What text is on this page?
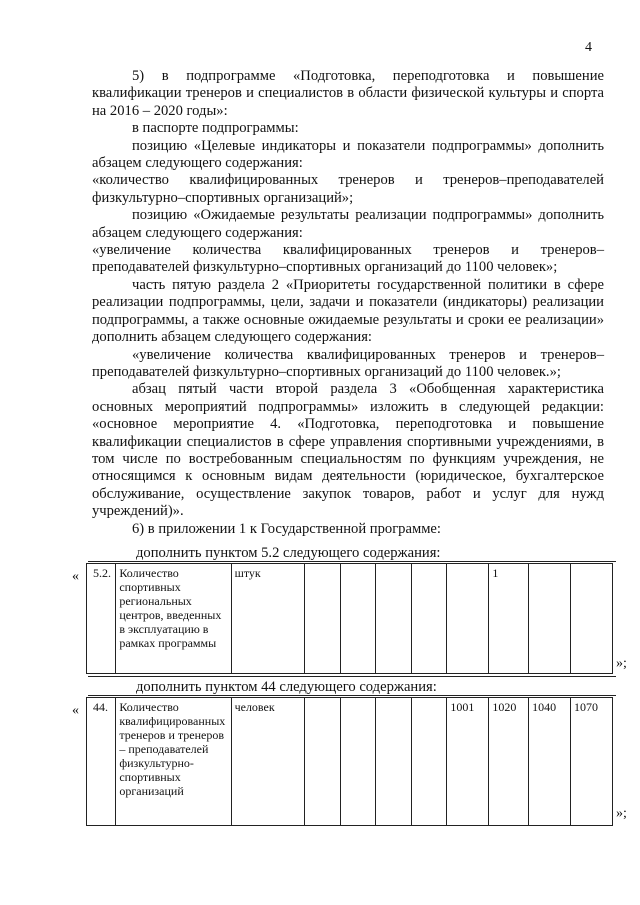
4

5) в подпрограмме «Подготовка, переподготовка и повышение квалификации тренеров и специалистов в области физической культуры и спорта на 2016 – 2020 годы»:

в паспорте подпрограммы:

позицию «Целевые индикаторы и показатели подпрограммы» дополнить абзацем следующего содержания:

«количество квалифицированных тренеров и тренеров–преподавателей физкультурно–спортивных организаций»;

позицию «Ожидаемые результаты реализации подпрограммы» дополнить абзацем следующего содержания:

«увеличение количества квалифицированных тренеров и тренеров–преподавателей физкультурно–спортивных организаций до 1100 человек»;

часть пятую раздела 2 «Приоритеты государственной политики в сфере реализации подпрограммы, цели, задачи и показатели (индикаторы) реализации подпрограммы, а также основные ожидаемые результаты и сроки ее реализации» дополнить абзацем следующего содержания:

«увеличение количества квалифицированных тренеров и тренеров–преподавателей физкультурно–спортивных организаций до 1100 человек.»;

абзац пятый части второй раздела 3 «Обобщенная характеристика основных мероприятий подпрограммы» изложить в следующей редакции: «основное мероприятие 4. «Подготовка, переподготовка и повышение квалификации специалистов в сфере управления спортивными учреждениями, в том числе по востребованным специальностям по функциям учреждения, не относящимся к основным видам деятельности (юридическое, бухгалтерское обслуживание, осуществление закупок товаров, работ и услуг для нужд учреждений)».

6) в приложении 1 к Государственной программе:

дополнить пунктом 5.2 следующего содержания:
« 5.2.	Количество спортивных региональных центров, введенных в эксплуатацию в рамках программы	штук						1		
»;
дополнить пунктом 44 следующего содержания:
« 44.	Количество квалифицированных тренеров и тренеров – преподавателей физкультурно-спортивных организаций	человек					1001	1020	1040	1070
»;
